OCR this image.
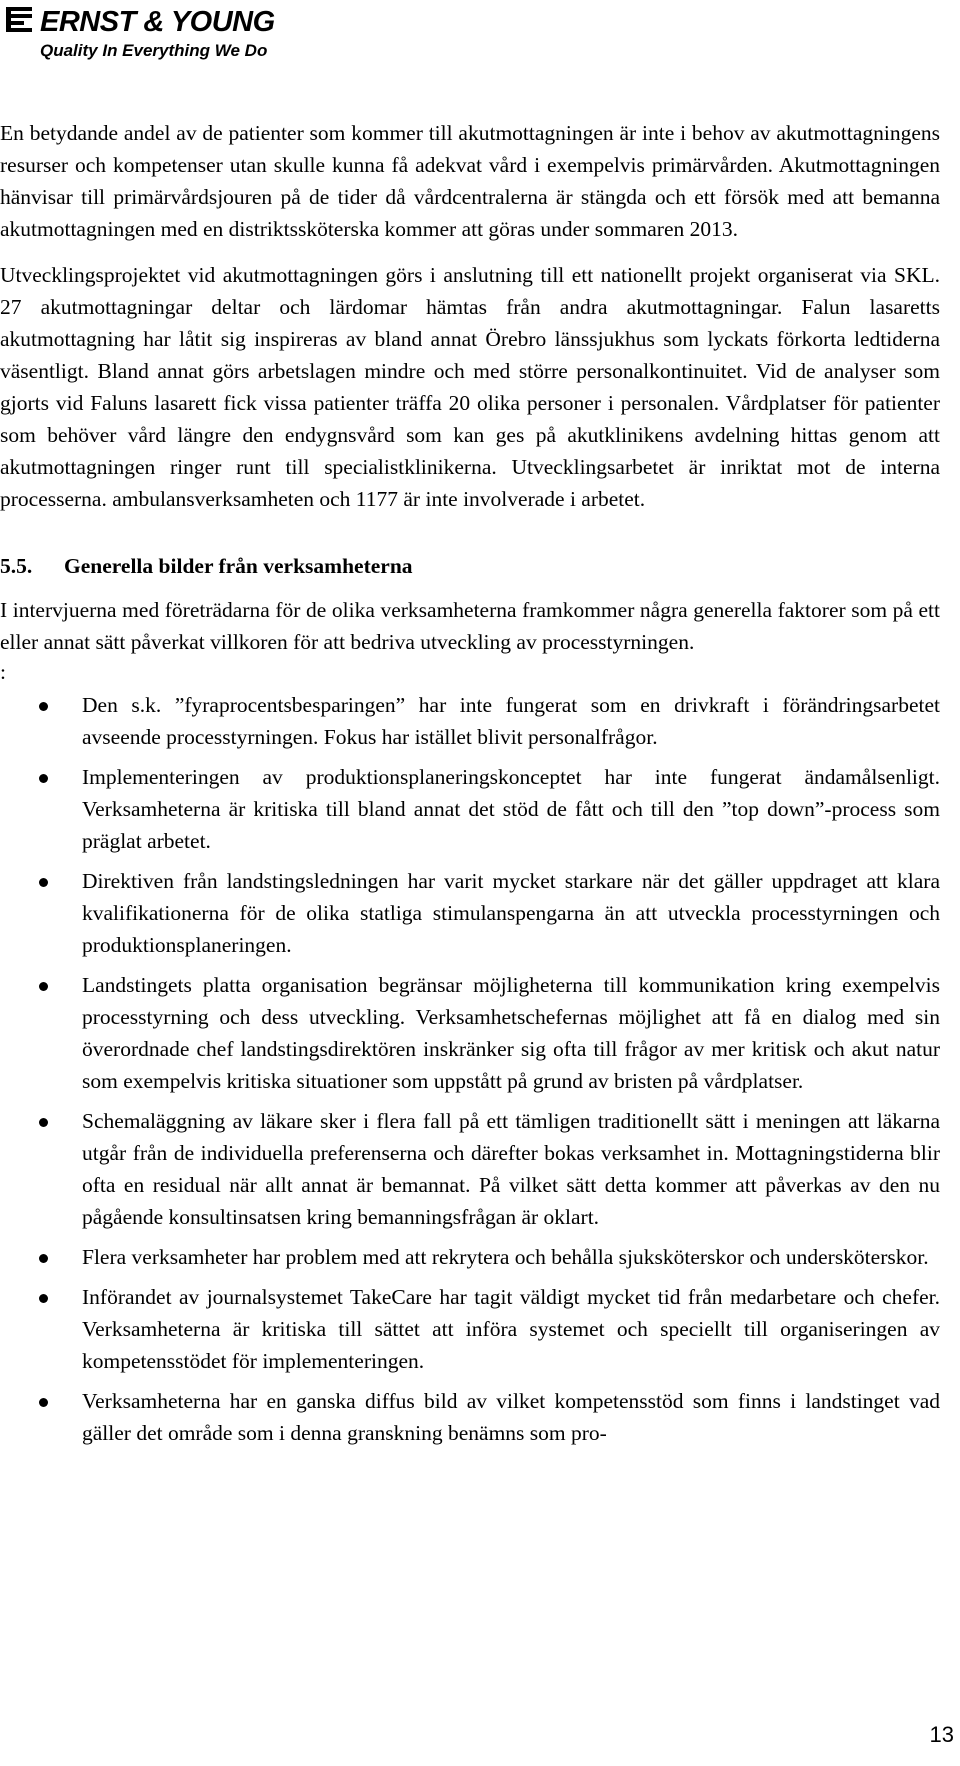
ERNST & YOUNG
Quality In Everything We Do

En betydande andel av de patienter som kommer till akutmottagningen är inte i behov av akutmottagningens resurser och kompetenser utan skulle kunna få adekvat vård i exempelvis primärvården. Akutmottagningen hänvisar till primärvårdsjouren på de tider då vårdcentralerna är stängda och ett försök med att bemanna akutmottagningen med en distriktssköterska kommer att göras under sommaren 2013.

Utvecklingsprojektet vid akutmottagningen görs i anslutning till ett nationellt projekt organiserat via SKL. 27 akutmottagningar deltar och lärdomar hämtas från andra akutmottagningar. Falun lasaretts akutmottagning har låtit sig inspireras av bland annat Örebro länssjukhus som lyckats förkorta ledtiderna väsentligt. Bland annat görs arbetslagen mindre och med större personalkontinuitet. Vid de analyser som gjorts vid Faluns lasarett fick vissa patienter träffa 20 olika personer i personalen. Vårdplatser för patienter som behöver vård längre den endygnsvård som kan ges på akutklinikens avdelning hittas genom att akutmottagningen ringer runt till specialistklinikerna. Utvecklingsarbetet är inriktat mot de interna processerna. ambulansverksamheten och 1177 är inte involverade i arbetet.

5.5.	Generella bilder från verksamheterna

I intervjuerna med företrädarna för de olika verksamheterna framkommer några generella faktorer som på ett eller annat sätt påverkat villkoren för att bedriva utveckling av processtyrningen.

:

Den s.k. ”fyraprocentsbesparingen” har inte fungerat som en drivkraft i förändringsarbetet avseende processtyrningen. Fokus har istället blivit personalfrågor.
Implementeringen av produktionsplaneringskonceptet har inte fungerat ändamålsenligt. Verksamheterna är kritiska till bland annat det stöd de fått och till den ”top down”-process som präglat arbetet.
Direktiven från landstingsledningen har varit mycket starkare när det gäller uppdraget att klara kvalifikationerna för de olika statliga stimulanspengarna än att utveckla processtyrningen och produktionsplaneringen.
Landstingets platta organisation begränsar möjligheterna till kommunikation kring exempelvis processtyrning och dess utveckling. Verksamhetschefernas möjlighet att få en dialog med sin överordnade chef landstingsdirektören inskränker sig ofta till frågor av mer kritisk och akut natur som exempelvis kritiska situationer som uppstått på grund av bristen på vårdplatser.
Schemaläggning av läkare sker i flera fall på ett tämligen traditionellt sätt i meningen att läkarna utgår från de individuella preferenserna och därefter bokas verksamhet in. Mottagningstiderna blir ofta en residual när allt annat är bemannat. På vilket sätt detta kommer att påverkas av den nu pågående konsultinsatsen kring bemanningsfrågan är oklart.
Flera verksamheter har problem med att rekrytera och behålla sjuksköterskor och undersköterskor.
Införandet av journalsystemet TakeCare har tagit väldigt mycket tid från medarbetare och chefer. Verksamheterna är kritiska till sättet att införa systemet och speciellt till organiseringen av kompetensstödet för implementeringen.
Verksamheterna har en ganska diffus bild av vilket kompetensstöd som finns i landstinget vad gäller det område som i denna granskning benämns som pro-
13
